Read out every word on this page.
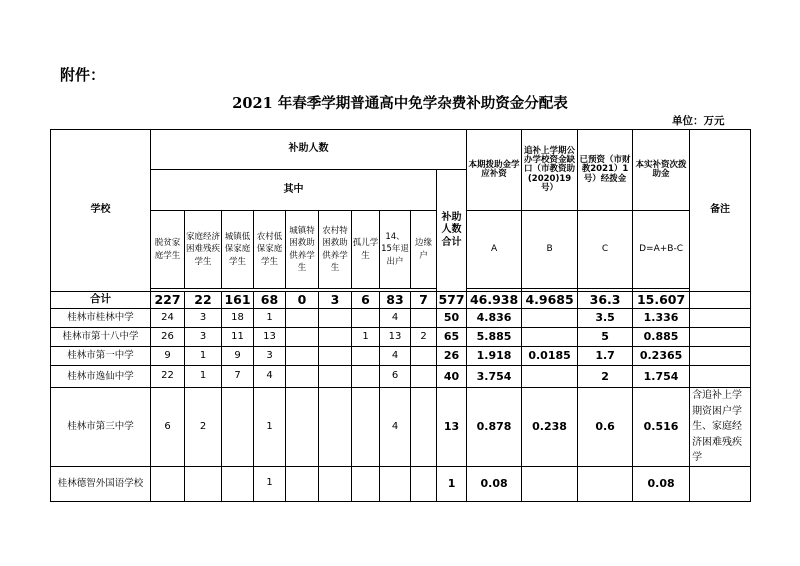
附件：
2021 年春季学期普通高中免学杂费补助资金分配表
单位：万元
学校	补助人数										本期拨助金学应补资	追补上学期公办学校资金缺口（市教资助(2020)19号）	已预资（市财教2021）1号）经拨金	本实补资次拨助金	备注
	其中									补助人数合计					
	脱贫家庭学生	家庭经济困难残疾学生	城镇低保家庭学生	农村低保家庭学生	城镇特困救助供养学生	农村特困救助供养学生	孤儿学生	14、15年退出户	边缘户		A	B	C	D=A+B-C	

合计	227	22	161	68	0	3	6	83	7	577	46.938	4.9685	36.3	15.607	
桂林市桂林中学	24	3	18	1				4		50	4.836		3.5	1.336	
桂林市第十八中学	26	3	11	13			1	13	2	65	5.885		5	0.885	
桂林市第一中学	9	1	9	3				4		26	1.918	0.0185	1.7	0.2365	
桂林市逸仙中学	22	1	7	4				6		40	3.754		2	1.754	
桂林市第三中学	6	2		1				4		13	0.878	0.238	0.6	0.516	含追补上学期资困户学生、家庭经济困难残疾学
桂林德智外国语学校				1						1	0.08			0.08	
